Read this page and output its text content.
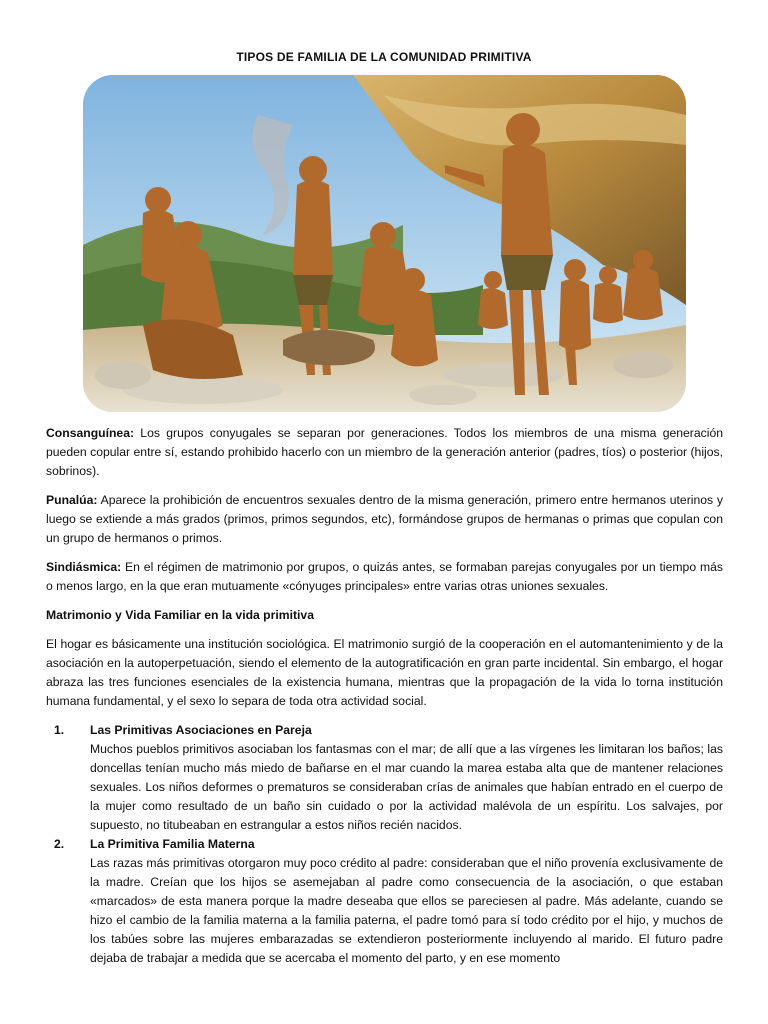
TIPOS DE FAMILIA DE LA COMUNIDAD PRIMITIVA

Consanguínea: Los grupos conyugales se separan por generaciones. Todos los miembros de una misma generación pueden copular entre sí, estando prohibido hacerlo con un miembro de la generación anterior (padres, tíos) o posterior (hijos, sobrinos).

Punalúa: Aparece la prohibición de encuentros sexuales dentro de la misma generación, primero entre hermanos uterinos y luego se extiende a más grados (primos, primos segundos, etc), formándose grupos de hermanas o primas que copulan con un grupo de hermanos o primos.

Sindiásmica: En el régimen de matrimonio por grupos, o quizás antes, se formaban parejas conyugales por un tiempo más o menos largo, en la que eran mutuamente «cónyuges principales» entre varias otras uniones sexuales.

Matrimonio y Vida Familiar en la vida primitiva

El hogar es básicamente una institución sociológica. El matrimonio surgió de la cooperación en el automantenimiento y de la asociación en la autoperpetuación, siendo el elemento de la autogratificación en gran parte incidental. Sin embargo, el hogar abraza las tres funciones esenciales de la existencia humana, mientras que la propagación de la vida lo torna institución humana fundamental, y el sexo lo separa de toda otra actividad social.

1. Las Primitivas Asociaciones en Pareja
Muchos pueblos primitivos asociaban los fantasmas con el mar; de allí que a las vírgenes les limitaran los baños; las doncellas tenían mucho más miedo de bañarse en el mar cuando la marea estaba alta que de mantener relaciones sexuales. Los niños deformes o prematuros se consideraban crías de animales que habían entrado en el cuerpo de la mujer como resultado de un baño sin cuidado o por la actividad malévola de un espíritu. Los salvajes, por supuesto, no titubeaban en estrangular a estos niños recién nacidos.
2. La Primitiva Familia Materna
Las razas más primitivas otorgaron muy poco crédito al padre: consideraban que el niño provenía exclusivamente de la madre. Creían que los hijos se asemejaban al padre como consecuencia de la asociación, o que estaban «marcados» de esta manera porque la madre deseaba que ellos se pareciesen al padre. Más adelante, cuando se hizo el cambio de la familia materna a la familia paterna, el padre tomó para sí todo crédito por el hijo, y muchos de los tabúes sobre las mujeres embarazadas se extendieron posteriormente incluyendo al marido. El futuro padre dejaba de trabajar a medida que se acercaba el momento del parto, y en ese momento
